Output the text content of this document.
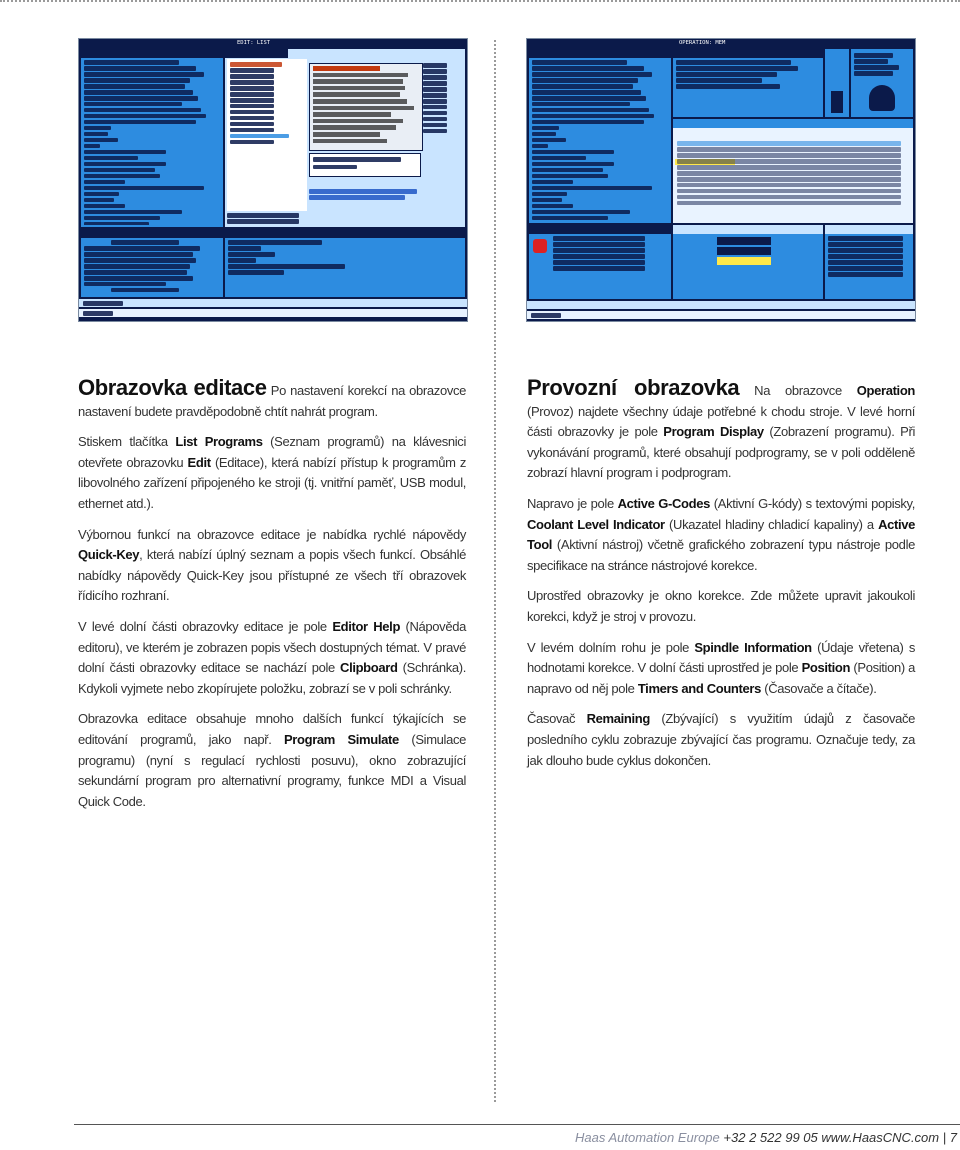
EDIT: LIST	OPERATION: MEM

Obrazovka editace Po nastavení korekcí na obrazovce nastavení budete pravděpodobně chtít nahrát program.

Stiskem tlačítka List Programs (Seznam programů) na klávesnici otevřete obrazovku Edit (Editace), která nabízí přístup k programům z libovolného zařízení připojeného ke stroji (tj. vnitřní paměť, USB modul, ethernet atd.).

Výbornou funkcí na obrazovce editace je nabídka rychlé nápovědy Quick-Key, která nabízí úplný seznam a popis všech funkcí. Obsáhlé nabídky nápovědy Quick-Key jsou přístupné ze všech tří obrazovek řídicího rozhraní.

V levé dolní části obrazovky editace je pole Editor Help (Nápověda editoru), ve kterém je zobrazen popis všech dostupných témat. V pravé dolní části obrazovky editace se nachází pole Clipboard (Schránka). Kdykoli vyjmete nebo zkopírujete položku, zobrazí se v poli schránky.

Obrazovka editace obsahuje mnoho dalších funkcí týkajících se editování programů, jako např. Program Simulate (Simulace programu) (nyní s regulací rychlosti posuvu), okno zobrazující sekundární program pro alternativní programy, funkce MDI a Visual Quick Code.

Provozní obrazovka Na obrazovce Operation (Provoz) najdete všechny údaje potřebné k chodu stroje. V levé horní části obrazovky je pole Program Display (Zobrazení programu). Při vykonávání programů, které obsahují podprogramy, se v poli odděleně zobrazí hlavní program i podprogram.

Napravo je pole Active G-Codes (Aktivní G-kódy) s textovými popisky, Coolant Level Indicator (Ukazatel hladiny chladicí kapaliny) a Active Tool (Aktivní nástroj) včetně grafického zobrazení typu nástroje podle specifikace na stránce nástrojové korekce.

Uprostřed obrazovky je okno korekce. Zde můžete upravit jakoukoli korekci, když je stroj v provozu.

V levém dolním rohu je pole Spindle Information (Údaje vřetena) s hodnotami korekce. V dolní části uprostřed je pole Position (Position) a napravo od něj pole Timers and Counters (Časovače a čítače).

Časovač Remaining (Zbývající) s využitím údajů z časovače posledního cyklu zobrazuje zbývající čas programu. Označuje tedy, za jak dlouho bude cyklus dokončen.

Haas Automation Europe +32 2 522 99 05 www.HaasCNC.com | 7
